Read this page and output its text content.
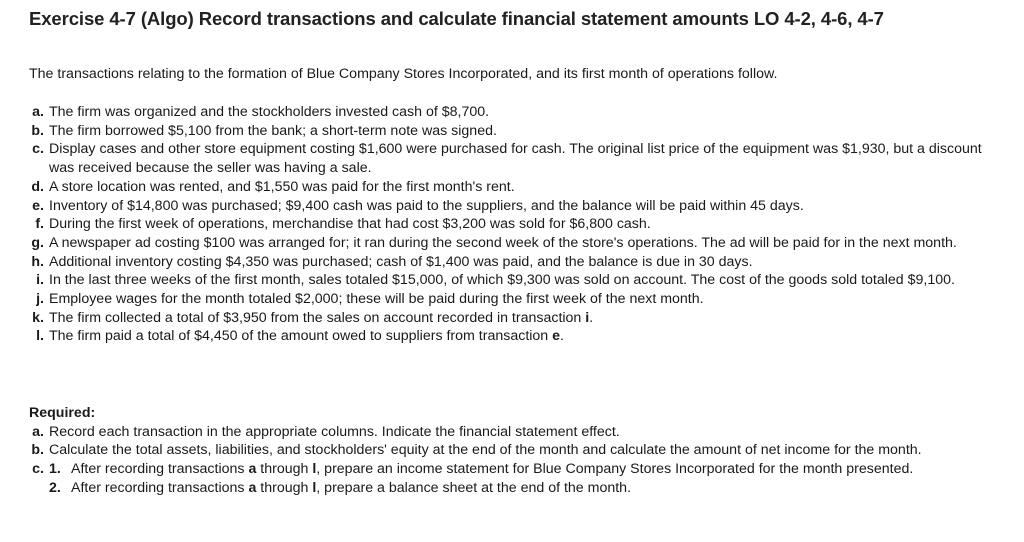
Exercise 4-7 (Algo) Record transactions and calculate financial statement amounts LO 4-2, 4-6, 4-7
The transactions relating to the formation of Blue Company Stores Incorporated, and its first month of operations follow.
a. The firm was organized and the stockholders invested cash of $8,700.
b. The firm borrowed $5,100 from the bank; a short-term note was signed.
c. Display cases and other store equipment costing $1,600 were purchased for cash. The original list price of the equipment was $1,930, but a discount was received because the seller was having a sale.
d. A store location was rented, and $1,550 was paid for the first month's rent.
e. Inventory of $14,800 was purchased; $9,400 cash was paid to the suppliers, and the balance will be paid within 45 days.
f. During the first week of operations, merchandise that had cost $3,200 was sold for $6,800 cash.
g. A newspaper ad costing $100 was arranged for; it ran during the second week of the store's operations. The ad will be paid for in the next month.
h. Additional inventory costing $4,350 was purchased; cash of $1,400 was paid, and the balance is due in 30 days.
i. In the last three weeks of the first month, sales totaled $15,000, of which $9,300 was sold on account. The cost of the goods sold totaled $9,100.
j. Employee wages for the month totaled $2,000; these will be paid during the first week of the next month.
k. The firm collected a total of $3,950 from the sales on account recorded in transaction i.
l. The firm paid a total of $4,450 of the amount owed to suppliers from transaction e.
Required:
a. Record each transaction in the appropriate columns. Indicate the financial statement effect.
b. Calculate the total assets, liabilities, and stockholders' equity at the end of the month and calculate the amount of net income for the month.
c. 1. After recording transactions a through l, prepare an income statement for Blue Company Stores Incorporated for the month presented.
2. After recording transactions a through l, prepare a balance sheet at the end of the month.
